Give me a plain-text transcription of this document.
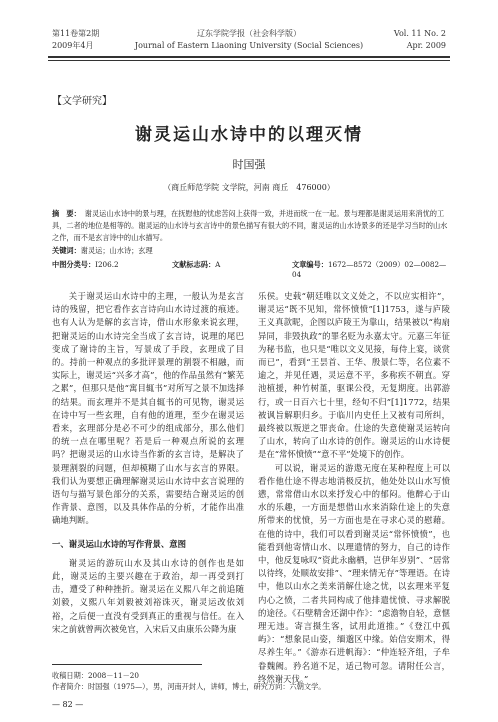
第11卷第2期
2009年4月
辽东学院学报（社会科学版）
Journal of Eastern Liaoning University (Social Sciences)
Vol. 11 No. 2
Apr. 2009
【文学研究】
谢灵运山水诗中的以理灭情
时国强
（商丘师范学院 文学院，河南 商丘　476000）
摘　要： 谢灵运山水诗中的景与理，在抚慰他的忧虑苦闷上获得一致，并进而统一在一起。景与理都是谢灵运用来消忧的工具，二者的地位是相等的。谢灵运的山水诗与玄言诗中的景色描写有很大的不同，谢灵运的山水诗景多的还是学习当时的山水之作，而不是玄言诗中的山水描写。
关键词：谢灵运；山水诗；玄理
中图分类号：I206.2	文献标志码：A	文章编号：1672—8572（2009）02—0082—04

关于谢灵运山水诗中的主理，一般认为是玄言诗的残留，把它看作玄言诗向山水诗过渡的痕迹。也有人认为是解的玄言诗，借山水形象来说玄理，把谢灵运的山水诗完全当成了玄言诗，说理的尾巴变成了谢诗的主旨，写景成了手段，玄理成了目的。持前一种观点的多批评景理的割裂不相融，而实际上，谢灵运“兴多才高”，他的作品虽然有“繁芜之累”，但那只是他“寓目辄书”对所写之景不加选择的结果。而玄理并不是其自辄书的可见物，谢灵运在诗中写一些玄理，自有他的道理，至少在谢灵运看来，玄理部分是必不可少的组成部分，那么他们的统一点在哪里呢？若是后一种观点所说的玄理吗？把谢灵运的山水诗当作新的玄言诗，是解决了景理割裂的问题，但却模糊了山水与玄言的界限。我们认为要想正确理解谢灵运山水诗中玄言说理的语句与描写景色部分的关系，需要结合谢灵运的创作背景、意图，以及具体作品的分析，才能作出准确地判断。

一、谢灵运山水诗的写作背景、意图

谢灵运的游玩山水及其山水诗的创作也是如此，谢灵运的主要兴趣在于政治，却一再受到打击，遭受了种种挫折。谢灵运在义熙八年之前追随刘毅，义熙八年刘毅被刘裕诛灭，谢灵运改依刘裕，之后便一直没有受到真正的重视与信任。在入宋之前就曾两次被免官，入宋后又由康乐公降为康

乐侯。史载“朝廷唯以文义处之，不以应实相许”，谢灵运“既不见知，常怀愤愤”[1]1753，遂与庐陵王义真款昵，企图以庐陵王为靠山，结果被以“构扇异同，非毁执政”的罪名贬为永嘉太守。元嘉三年征为秘书监，也只是“唯以文义见接，每侍上宴，谈赏而已”，看到“王昙首、王华、殷景仁等，名位素不逾之，并见任遇，灵运意不平，多称疾不朝直。穿池植援，种竹树堇，驱课公役，无复期度。出郭游行，或一日百六七十里，经旬不归”[1]1772，结果被讽旨解职归乡。于临川内史任上又被有司所纠，最终被以叛逆之罪丧命。仕途的失意使谢灵运转向了山水，转向了山水诗的创作。谢灵运的山水诗便是在“常怀愤愤”“意不平”处境下的创作。

可以说，谢灵运的游遨无度在某种程度上可以看作他仕途不得志地消极反抗，他处处以山水写愤懑，常常借山水以来抒发心中的郁闷。他醉心于山水的乐趣，一方面是想借山水来消除仕途上的失意所带来的忧愤，另一方面也是在寻求心灵的慰藉。在他的诗中，我们可以看到谢灵运“常怀愤愤”，也能看到他寄情山水、以理遣情的努力，自己的诗作中，他反复咏叹“资此永幽栖，岂伊年岁别”、“居常以待终，处顺故安排”、“理来情无存”等理语。在诗中，他以山水之美来消解仕途之忧，以玄理来平复内心之愤，二者共同构成了他排遣忧愤、寻求解脱的途径。《石壁精舍还湖中作》：“虑澹物自轻，意惬理无违。寄言摄生客，试用此道推。”《登江中孤屿》：“想象昆山姿，缅邈区中缘。始信安期术，得尽养生年。”《游赤石进帆海》：“仲连轻齐组，子牟眷魏阙。矜名道不足，适己物可忽。请附任公言，终然谢天伐。”

收稿日期：2008－11－20
作者简介：时国强（1975—），男，河南开封人，讲师，博士，研究方向：六朝文学。
— 82 —
